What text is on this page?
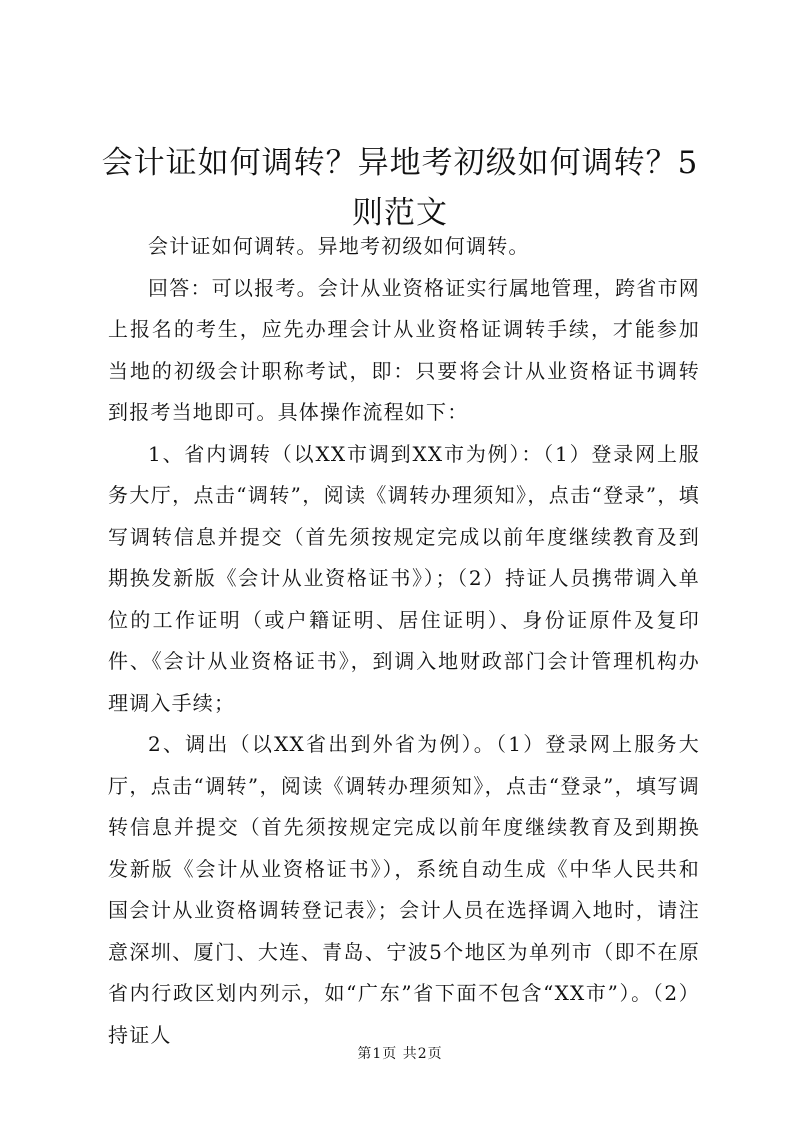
会计证如何调转？异地考初级如何调转？5则范文

会计证如何调转。异地考初级如何调转。

回答：可以报考。会计从业资格证实行属地管理，跨省市网上报名的考生，应先办理会计从业资格证调转手续，才能参加当地的初级会计职称考试，即：只要将会计从业资格证书调转到报考当地即可。具体操作流程如下：

1、省内调转（以XX市调到XX市为例）：（1）登录网上服务大厅，点击“调转”，阅读《调转办理须知》，点击“登录”，填写调转信息并提交（首先须按规定完成以前年度继续教育及到期换发新版《会计从业资格证书》）；（2）持证人员携带调入单位的工作证明（或户籍证明、居住证明）、身份证原件及复印件、《会计从业资格证书》，到调入地财政部门会计管理机构办理调入手续；

2、调出（以XX省出到外省为例）。（1）登录网上服务大厅，点击“调转”，阅读《调转办理须知》，点击“登录”，填写调转信息并提交（首先须按规定完成以前年度继续教育及到期换发新版《会计从业资格证书》），系统自动生成《中华人民共和国会计从业资格调转登记表》；会计人员在选择调入地时，请注意深圳、厦门、大连、青岛、宁波5个地区为单列市（即不在原省内行政区划内列示，如“广东”省下面不包含“XX市”）。（2）持证人

第1页 共2页
